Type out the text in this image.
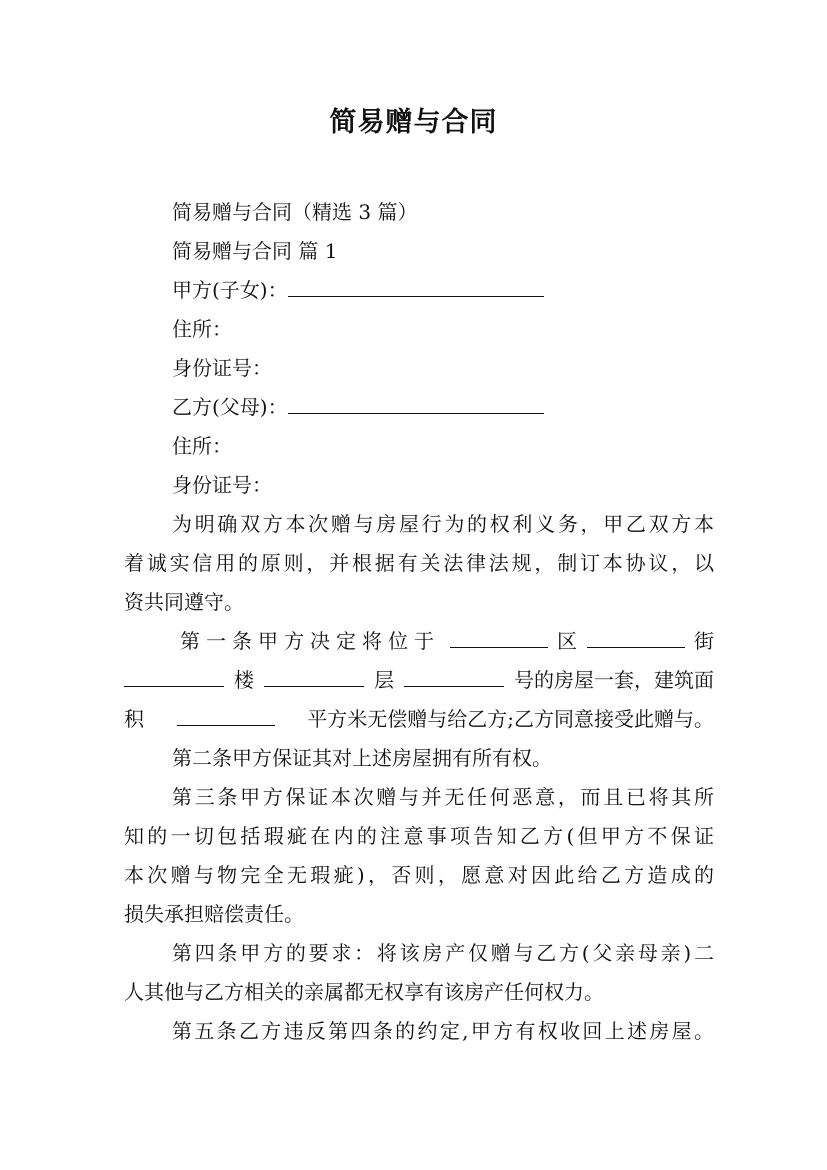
简易赠与合同
简易赠与合同（精选 3 篇）
简易赠与合同 篇 1
甲方(子女)：
住所：
身份证号：
乙方(父母)：
住所：
身份证号：
为明确双方本次赠与房屋行为的权利义务，甲乙双方本
着诚实信用的原则，并根据有关法律法规，制订本协议，以
资共同遵守。
第一条甲方决定将位于	区	街
楼	层	号的房屋一套，建筑面
积	平方米无偿赠与给乙方;乙方同意接受此赠与。
第二条甲方保证其对上述房屋拥有所有权。
第三条甲方保证本次赠与并无任何恶意，而且已将其所
知的一切包括瑕疵在内的注意事项告知乙方(但甲方不保证
本次赠与物完全无瑕疵)，否则，愿意对因此给乙方造成的
损失承担赔偿责任。
第四条甲方的要求：将该房产仅赠与乙方(父亲母亲)二
人其他与乙方相关的亲属都无权享有该房产任何权力。
第五条乙方违反第四条的约定,甲方有权收回上述房屋。
